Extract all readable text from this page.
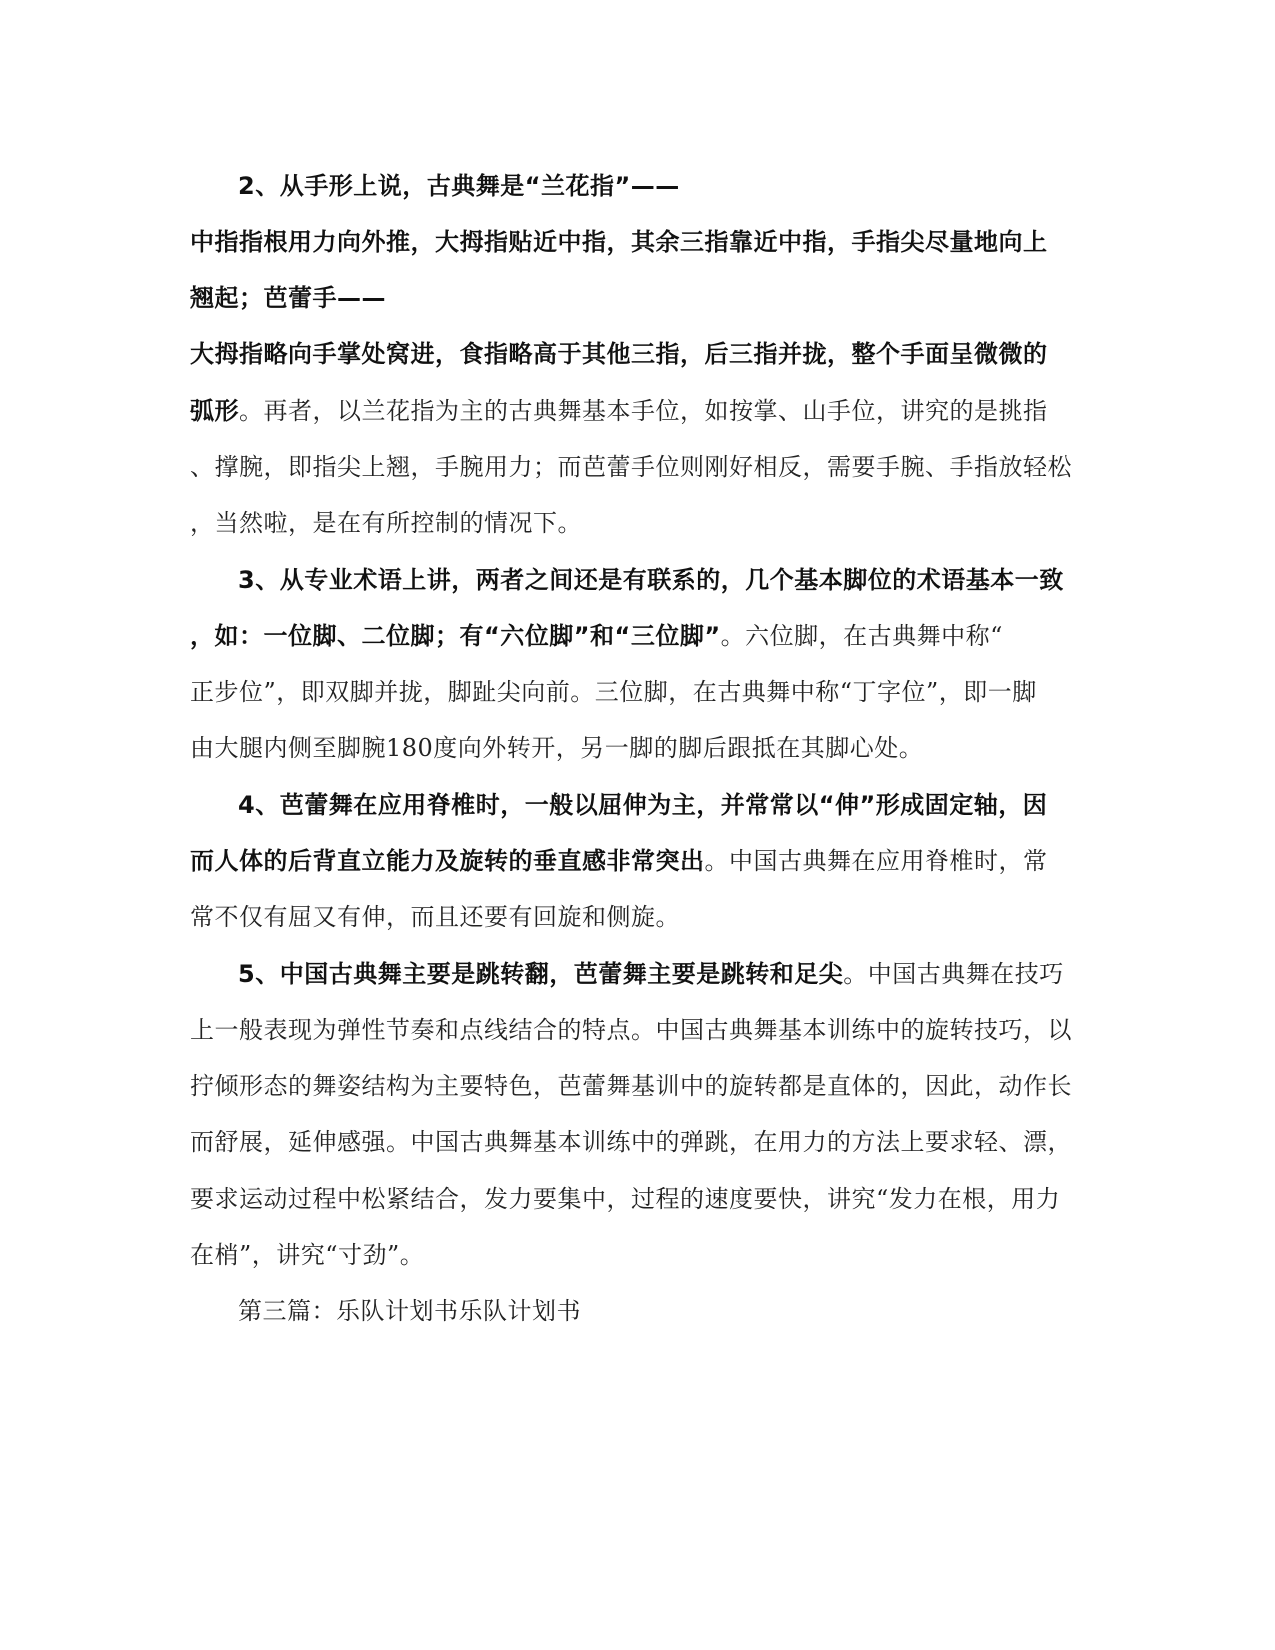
2、从手形上说，古典舞是“兰花指”——
中指指根用力向外推，大拇指贴近中指，其余三指靠近中指，手指尖尽量地向上
翘起；芭蕾手——
大拇指略向手掌处窝进，食指略高于其他三指，后三指并拢，整个手面呈微微的
弧形。再者，以兰花指为主的古典舞基本手位，如按掌、山手位，讲究的是挑指
、撑腕，即指尖上翘，手腕用力；而芭蕾手位则刚好相反，需要手腕、手指放轻松
，当然啦，是在有所控制的情况下。
3、从专业术语上讲，两者之间还是有联系的，几个基本脚位的术语基本一致
，如：一位脚、二位脚；有“六位脚”和“三位脚”。六位脚，在古典舞中称“
正步位”，即双脚并拢，脚趾尖向前。三位脚，在古典舞中称“丁字位”，即一脚
由大腿内侧至脚腕180度向外转开，另一脚的脚后跟抵在其脚心处。
4、芭蕾舞在应用脊椎时，一般以屈伸为主，并常常以“伸”形成固定轴，因
而人体的后背直立能力及旋转的垂直感非常突出。中国古典舞在应用脊椎时，常
常不仅有屈又有伸，而且还要有回旋和侧旋。
5、中国古典舞主要是跳转翻，芭蕾舞主要是跳转和足尖。中国古典舞在技巧
上一般表现为弹性节奏和点线结合的特点。中国古典舞基本训练中的旋转技巧，以
拧倾形态的舞姿结构为主要特色，芭蕾舞基训中的旋转都是直体的，因此，动作长
而舒展，延伸感强。中国古典舞基本训练中的弹跳，在用力的方法上要求轻、漂，
要求运动过程中松紧结合，发力要集中，过程的速度要快，讲究“发力在根，用力
在梢”，讲究“寸劲”。
第三篇：乐队计划书乐队计划书
